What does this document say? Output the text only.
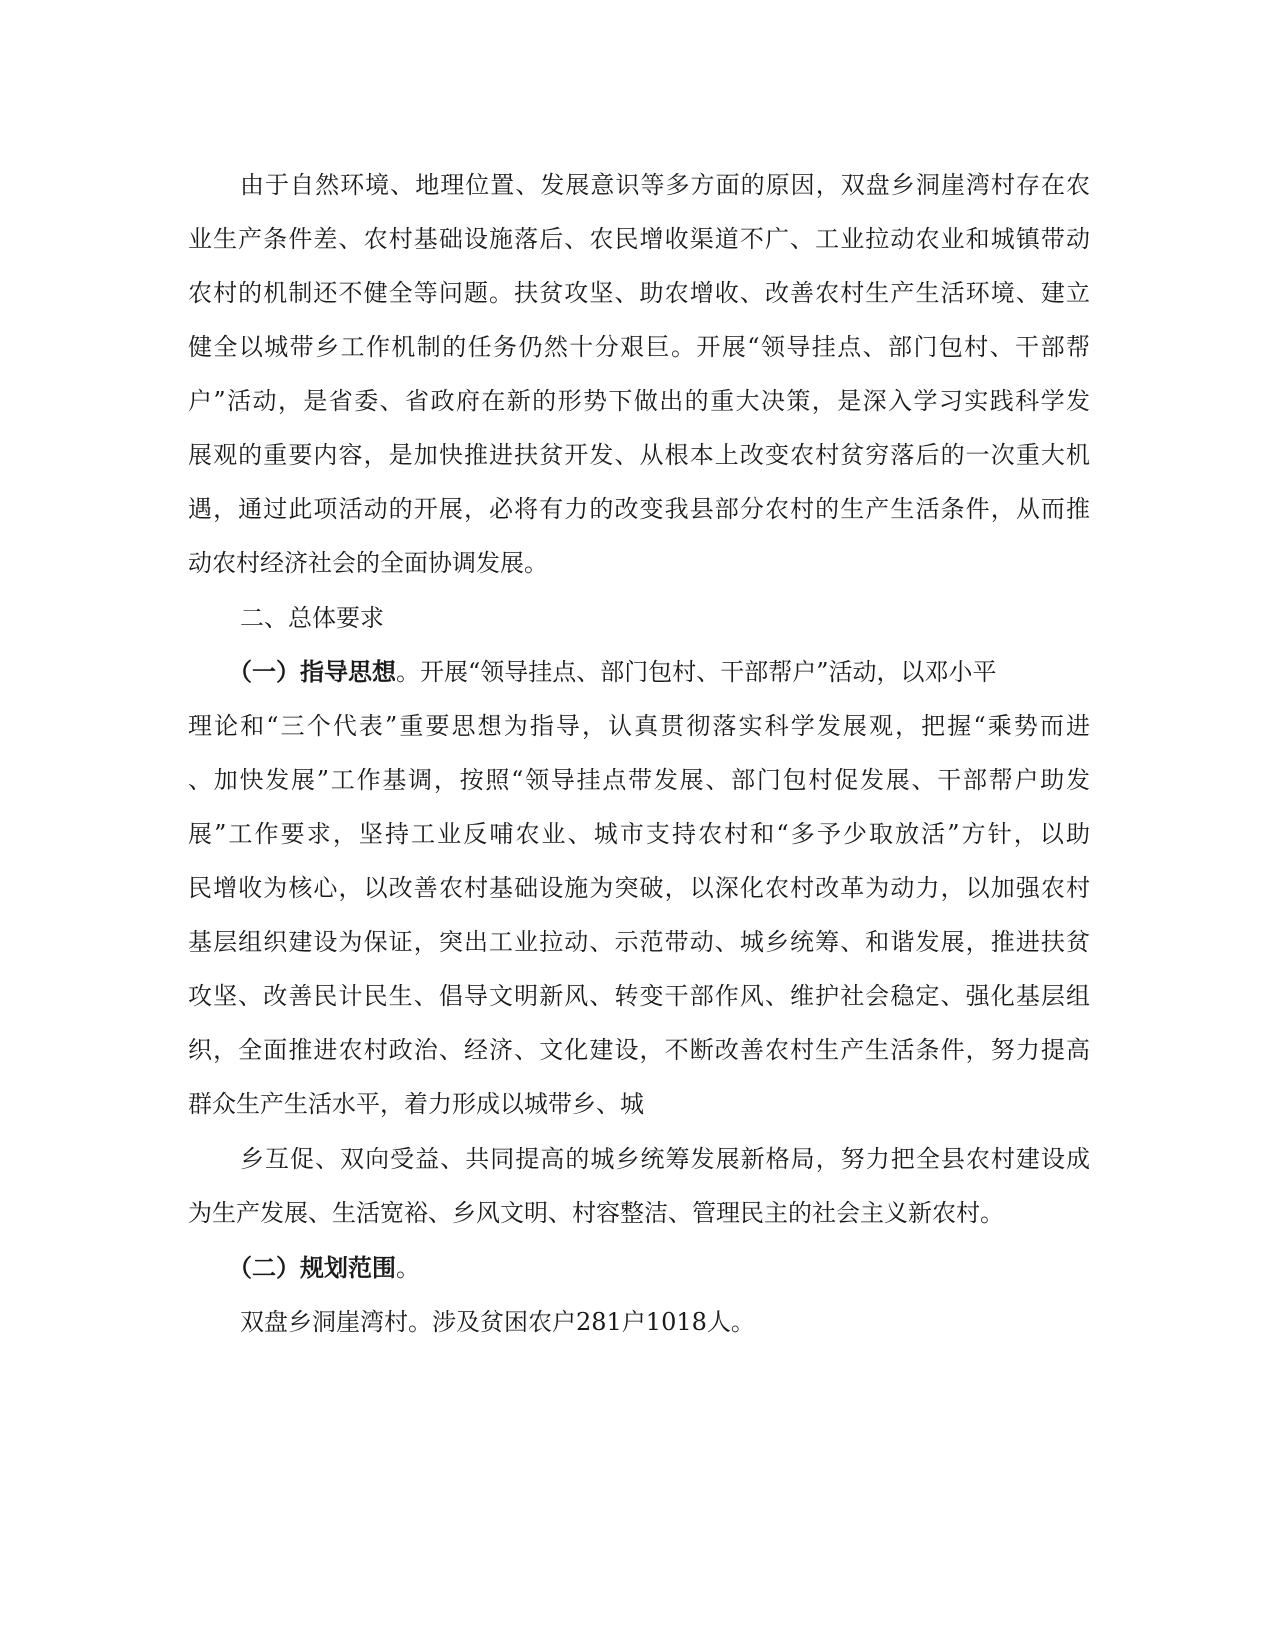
由于自然环境、地理位置、发展意识等多方面的原因，双盘乡洞崖湾村存在农
业生产条件差、农村基础设施落后、农民增收渠道不广、工业拉动农业和城镇带动
农村的机制还不健全等问题。扶贫攻坚、助农增收、改善农村生产生活环境、建立
健全以城带乡工作机制的任务仍然十分艰巨。开展“领导挂点、部门包村、干部帮
户”活动，是省委、省政府在新的形势下做出的重大决策，是深入学习实践科学发
展观的重要内容，是加快推进扶贫开发、从根本上改变农村贫穷落后的一次重大机
遇，通过此项活动的开展，必将有力的改变我县部分农村的生产生活条件，从而推
动农村经济社会的全面协调发展。
二、总体要求
（一）指导思想。开展“领导挂点、部门包村、干部帮户”活动，以邓小平
理论和“三个代表”重要思想为指导，认真贯彻落实科学发展观，把握“乘势而进
、加快发展”工作基调，按照“领导挂点带发展、部门包村促发展、干部帮户助发
展”工作要求，坚持工业反哺农业、城市支持农村和“多予少取放活”方针，以助
民增收为核心，以改善农村基础设施为突破，以深化农村改革为动力，以加强农村
基层组织建设为保证，突出工业拉动、示范带动、城乡统筹、和谐发展，推进扶贫
攻坚、改善民计民生、倡导文明新风、转变干部作风、维护社会稳定、强化基层组
织，全面推进农村政治、经济、文化建设，不断改善农村生产生活条件，努力提高
群众生产生活水平，着力形成以城带乡、城
乡互促、双向受益、共同提高的城乡统筹发展新格局，努力把全县农村建设成
为生产发展、生活宽裕、乡风文明、村容整洁、管理民主的社会主义新农村。
（二）规划范围。
双盘乡洞崖湾村。涉及贫困农户281户1018人。
